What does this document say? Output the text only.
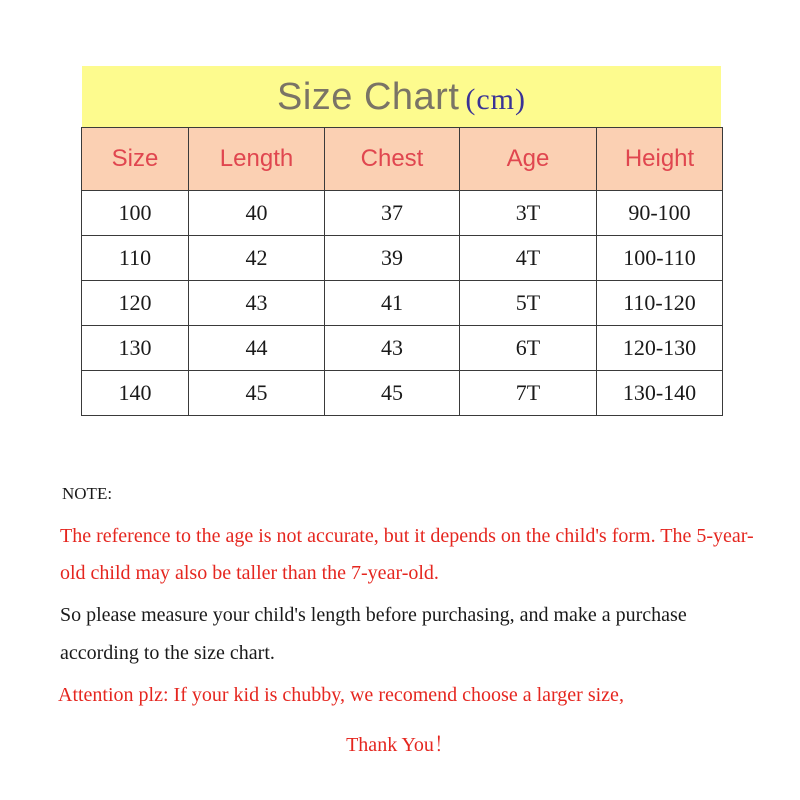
Size Chart (cm)
Size	Length	Chest	Age	Height
100	40	37	3T	90-100
110	42	39	4T	100-110
120	43	41	5T	110-120
130	44	43	6T	120-130
140	45	45	7T	130-140
NOTE:
The reference to the age is not accurate, but it depends on the child's form. The 5-year-old child may also be taller than the 7-year-old.
So please measure your child's length before purchasing, and make a purchase according to the size chart.
Attention plz: If your kid is chubby, we recomend choose a larger size,
Thank You！
